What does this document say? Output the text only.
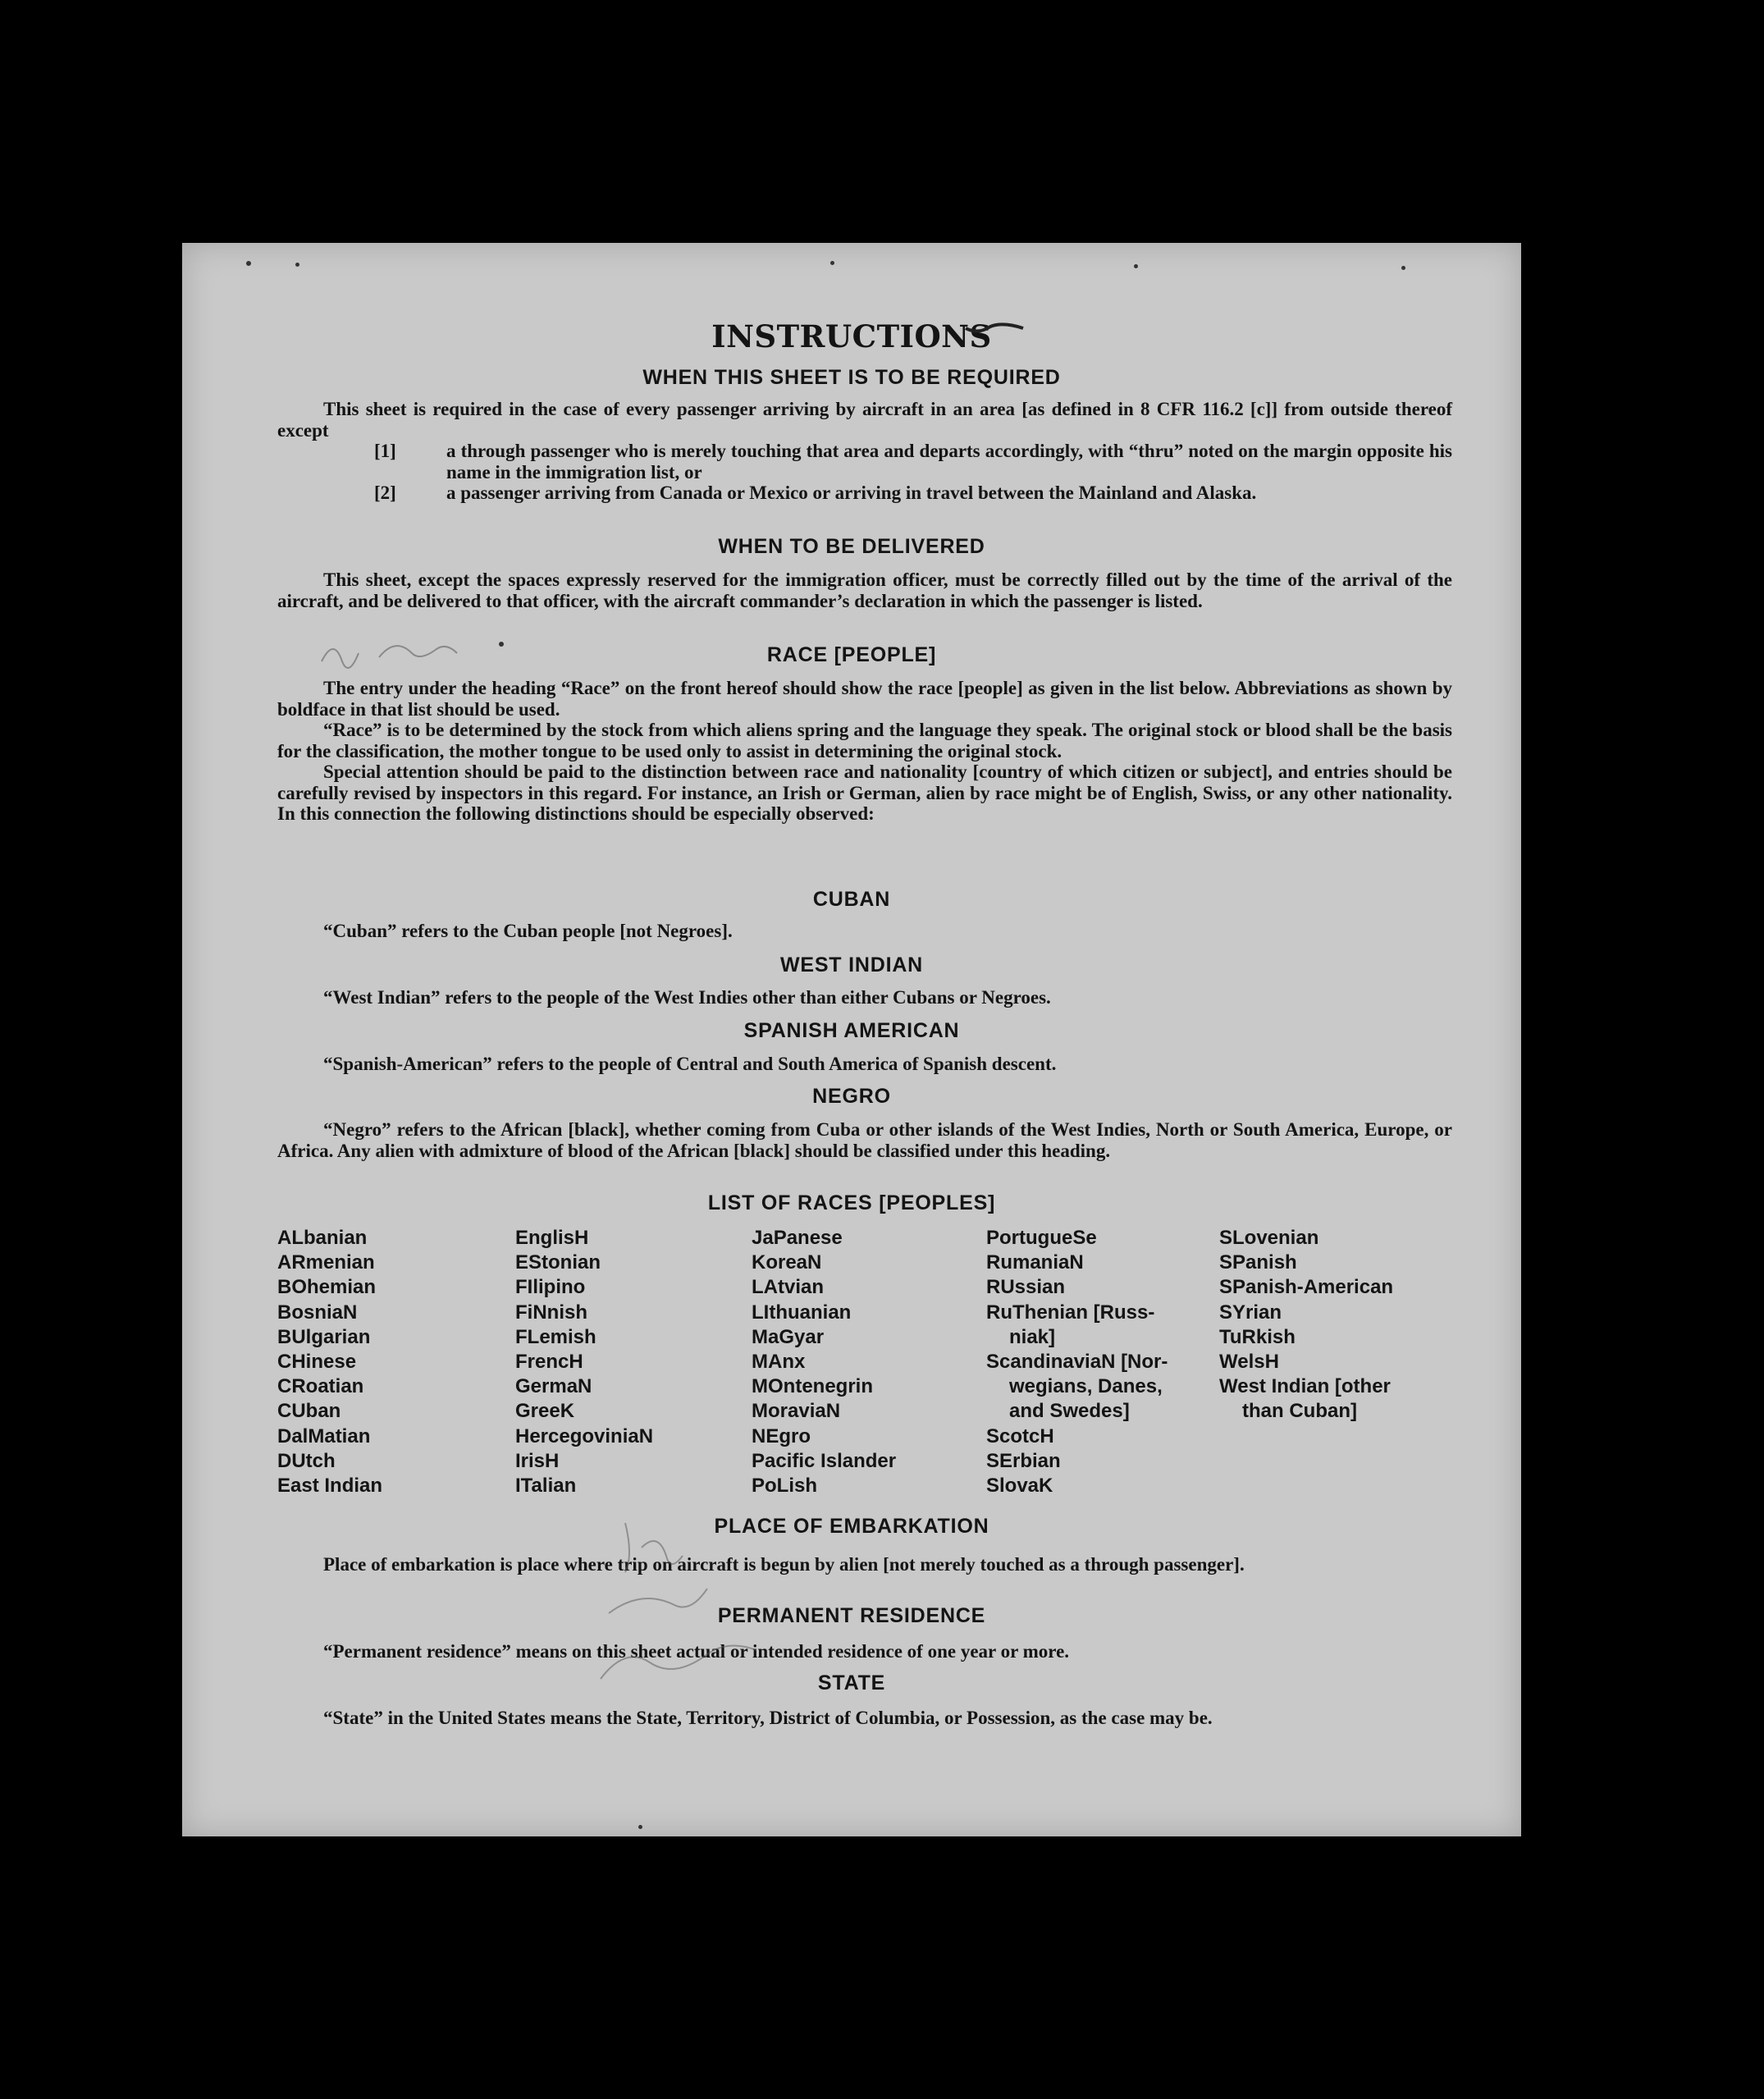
INSTRUCTIONS
WHEN THIS SHEET IS TO BE REQUIRED

This sheet is required in the case of every passenger arriving by aircraft in an area [as defined in 8 CFR 116.2 [c]] from outside thereof except

[1]	a through passenger who is merely touching that area and departs accordingly, with “thru” noted on the margin opposite his name in the immigration list, or

[2]	a passenger arriving from Canada or Mexico or arriving in travel between the Mainland and Alaska.

WHEN TO BE DELIVERED

This sheet, except the spaces expressly reserved for the immigration officer, must be correctly filled out by the time of the arrival of the aircraft, and be delivered to that officer, with the aircraft commander’s declaration in which the passenger is listed.

RACE [PEOPLE]

The entry under the heading “Race” on the front hereof should show the race [people] as given in the list below. Abbreviations as shown by boldface in that list should be used.

“Race” is to be determined by the stock from which aliens spring and the language they speak. The original stock or blood shall be the basis for the classification, the mother tongue to be used only to assist in determining the original stock.

Special attention should be paid to the distinction between race and nationality [country of which citizen or subject], and entries should be carefully revised by inspectors in this regard. For instance, an Irish or German, alien by race might be of English, Swiss, or any other nationality. In this connection the following distinctions should be especially observed:

CUBAN

“Cuban” refers to the Cuban people [not Negroes].

WEST INDIAN

“West Indian” refers to the people of the West Indies other than either Cubans or Negroes.

SPANISH AMERICAN

“Spanish-American” refers to the people of Central and South America of Spanish descent.

NEGRO

“Negro” refers to the African [black], whether coming from Cuba or other islands of the West Indies, North or South America, Europe, or Africa. Any alien with admixture of blood of the African [black] should be classified under this heading.

LIST OF RACES [PEOPLES]
ALbanian
ARmenian
BOhemian
BosniaN
BUlgarian
CHinese
CRoatian
CUban
DalMatian
DUtch
East Indian
EnglisH
EStonian
FIlipino
FiNnish
FLemish
FrencH
GermaN
GreeK
HercegoviniaN
IrisH
ITalian
JaPanese
KoreaN
LAtvian
LIthuanian
MaGyar
MAnx
MOntenegrin
MoraviaN
NEgro
Pacific Islander
PoLish
PortugueSe
RumaniaN
RUssian
RuThenian [Russ-
niak]
ScandinaviaN [Nor-
wegians, Danes,
and Swedes]
ScotcH
SErbian
SlovaK
SLovenian
SPanish
SPanish-American
SYrian
TuRkish
WelsH
West Indian [other
than Cuban]
PLACE OF EMBARKATION

Place of embarkation is place where trip on aircraft is begun by alien [not merely touched as a through passenger].

PERMANENT RESIDENCE

“Permanent residence” means on this sheet actual or intended residence of one year or more.

STATE

“State” in the United States means the State, Territory, District of Columbia, or Possession, as the case may be.
